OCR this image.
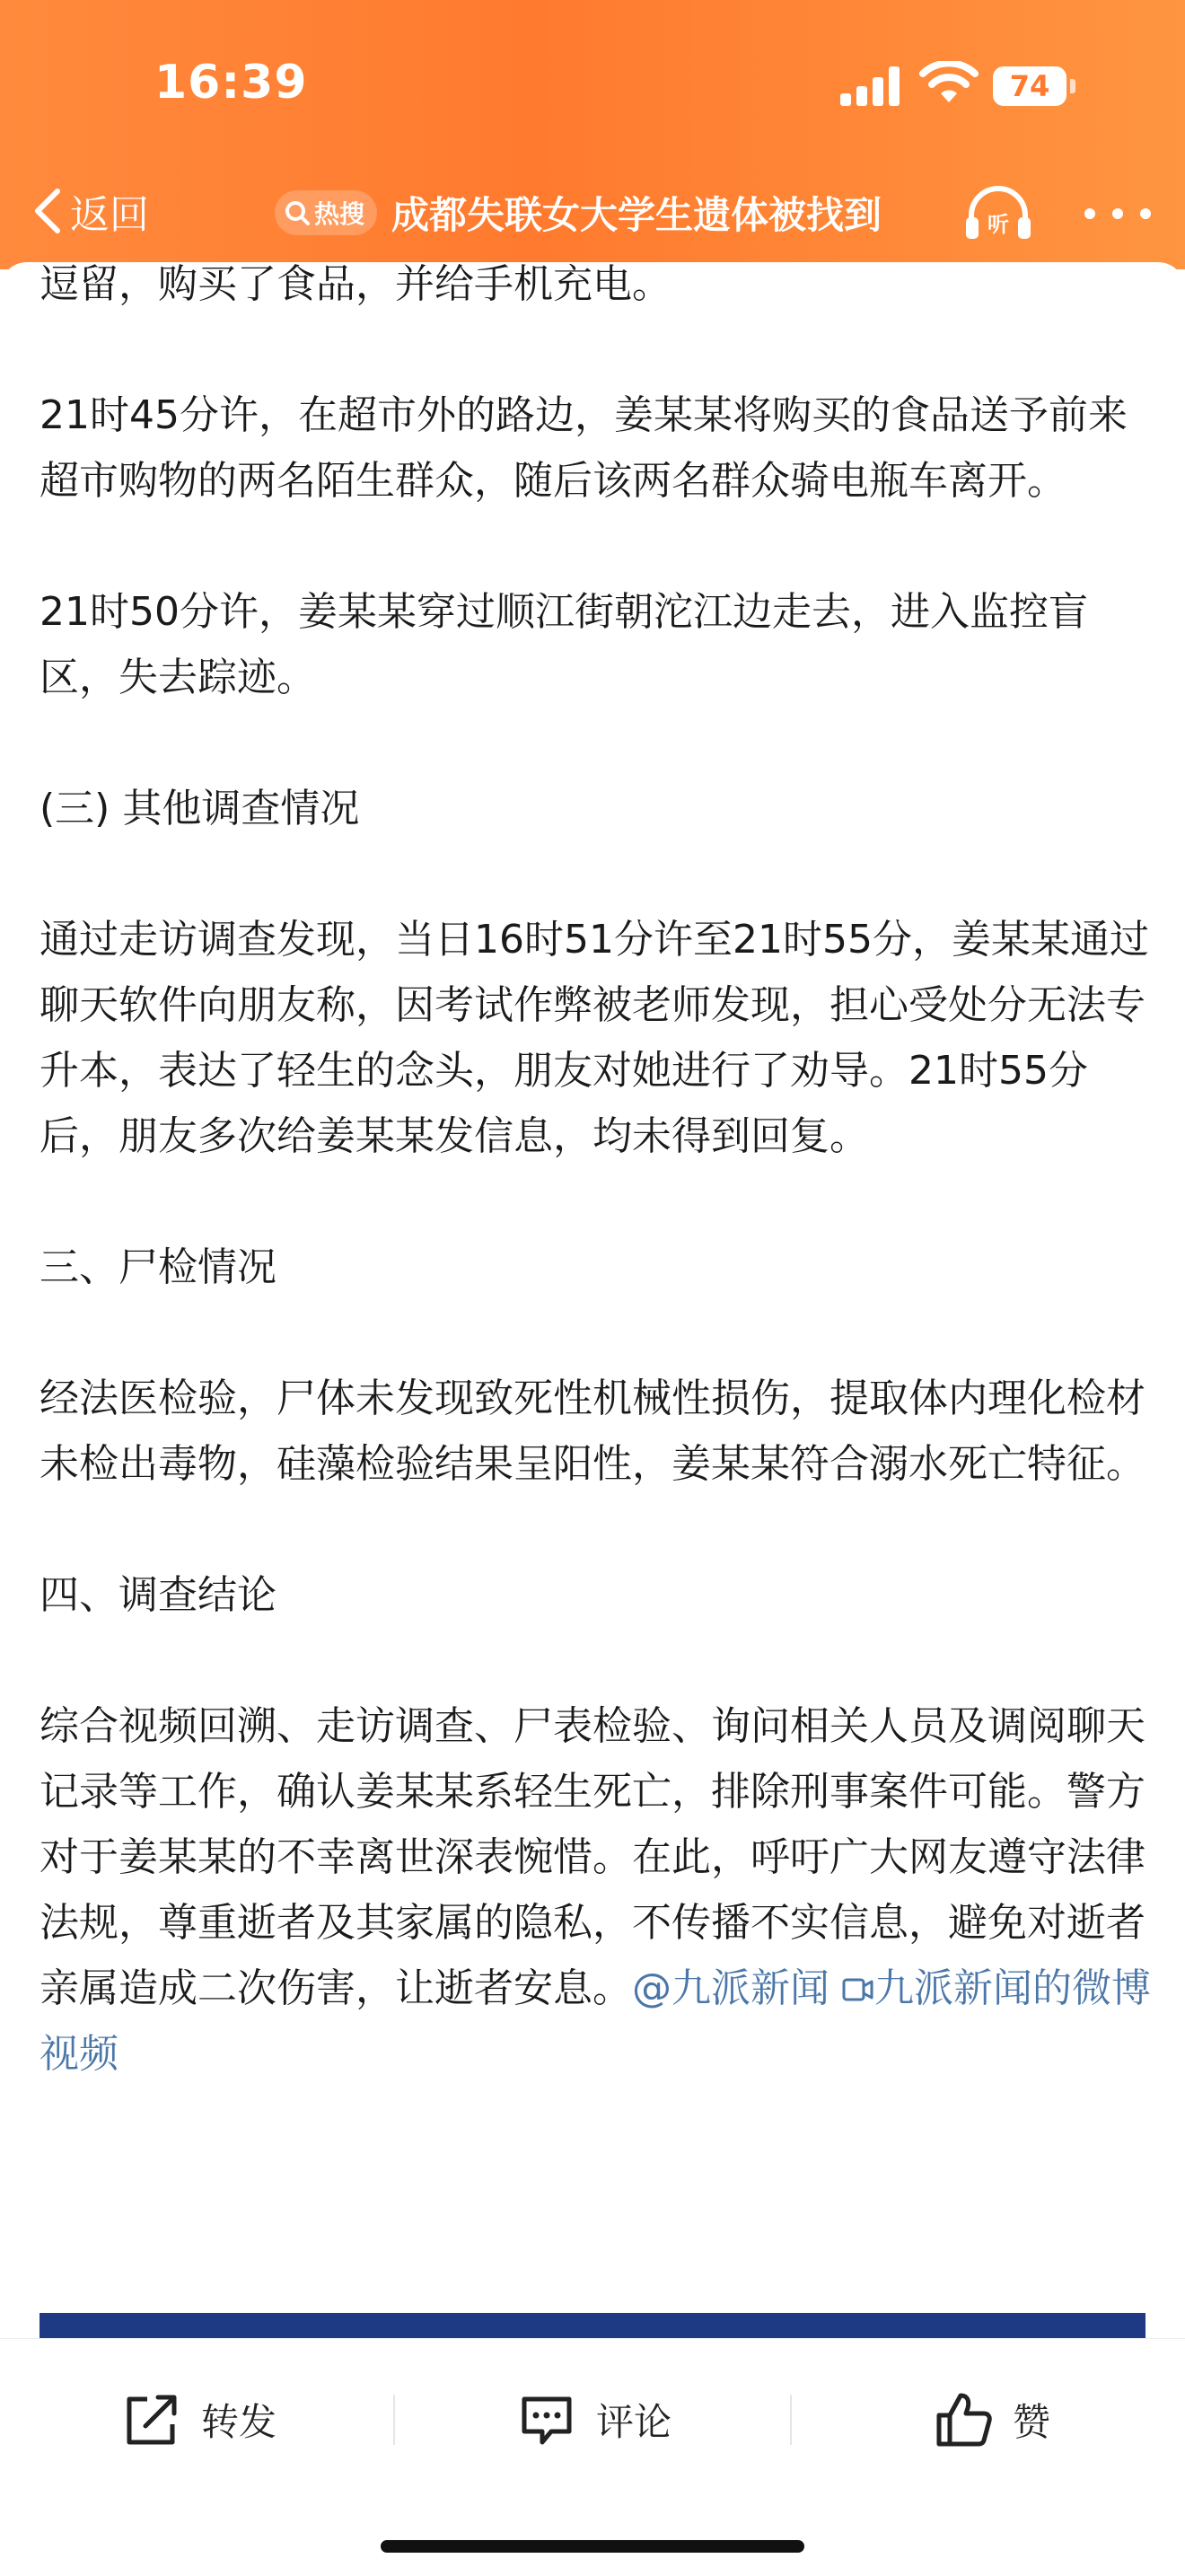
16:39	74
返回	热搜 成都失联女大学生遗体被找到	听

逗留，购买了食品，并给手机充电。

21时45分许，在超市外的路边，姜某某将购买的食品送予前来超市购物的两名陌生群众，随后该两名群众骑电瓶车离开。

21时50分许，姜某某穿过顺江街朝沱江边走去，进入监控盲区，失去踪迹。

(三) 其他调查情况

通过走访调查发现，当日16时51分许至21时55分，姜某某通过聊天软件向朋友称，因考试作弊被老师发现，担心受处分无法专升本，表达了轻生的念头，朋友对她进行了劝导。21时55分后，朋友多次给姜某某发信息，均未得到回复。

三、尸检情况

经法医检验，尸体未发现致死性机械性损伤，提取体内理化检材未检出毒物，硅藻检验结果呈阳性，姜某某符合溺水死亡特征。

四、调查结论

综合视频回溯、走访调查、尸表检验、询问相关人员及调阅聊天记录等工作，确认姜某某系轻生死亡，排除刑事案件可能。警方对于姜某某的不幸离世深表惋惜。在此，呼吁广大网友遵守法律法规，尊重逝者及其家属的隐私，不传播不实信息，避免对逝者亲属造成二次伤害，让逝者安息。@九派新闻 九派新闻的微博视频

转发	评论	赞
